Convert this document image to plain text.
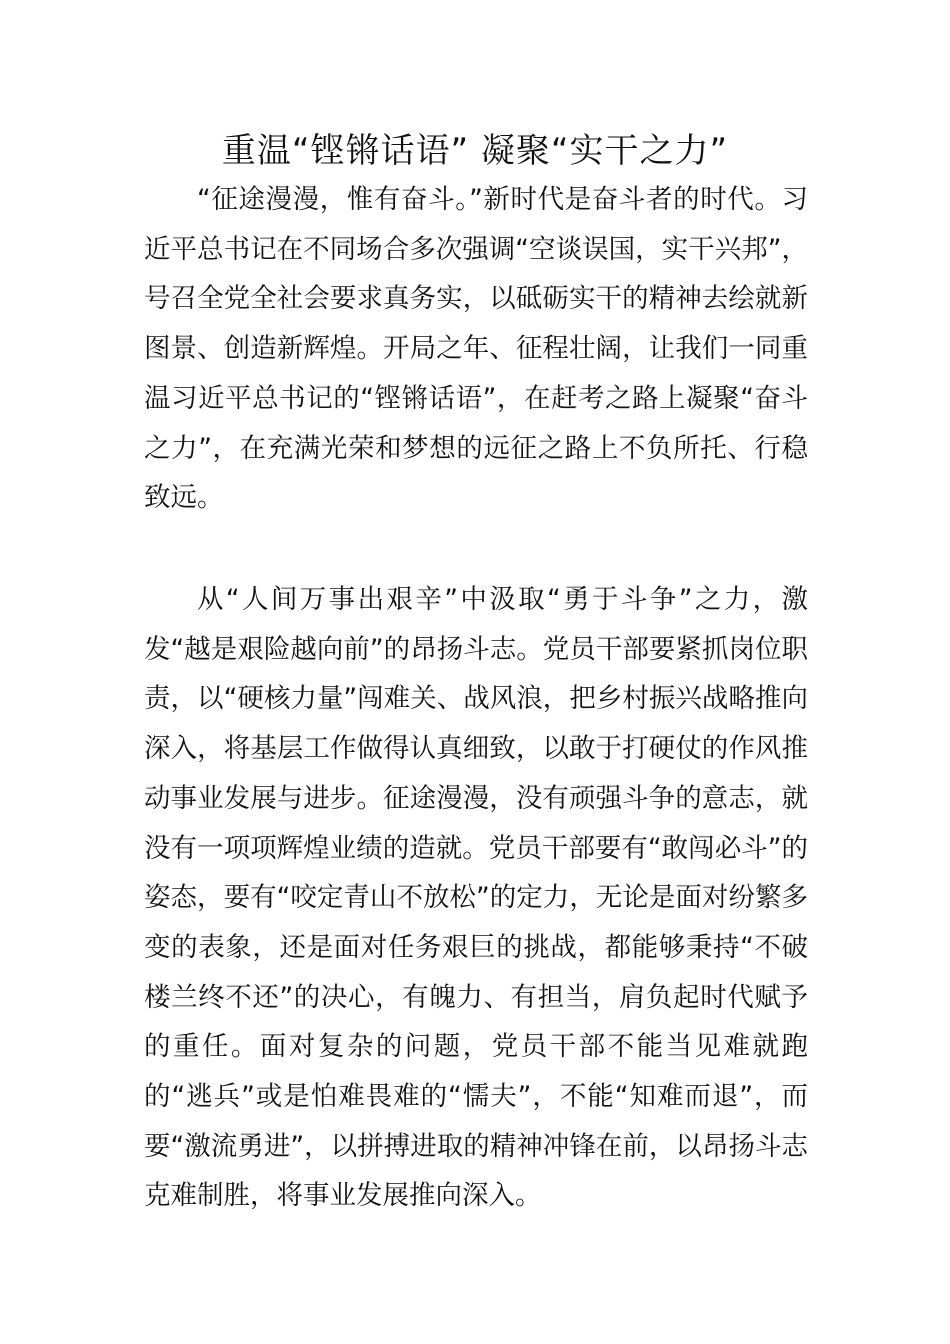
重温“铿锵话语” 凝聚“实干之力”

“征途漫漫，惟有奋斗。”新时代是奋斗者的时代。习近平总书记在不同场合多次强调“空谈误国，实干兴邦”，号召全党全社会要求真务实，以砥砺实干的精神去绘就新图景、创造新辉煌。开局之年、征程壮阔，让我们一同重温习近平总书记的“铿锵话语”，在赶考之路上凝聚“奋斗之力”，在充满光荣和梦想的远征之路上不负所托、行稳致远。

从“人间万事出艰辛”中汲取“勇于斗争”之力，激发“越是艰险越向前”的昂扬斗志。党员干部要紧抓岗位职责，以“硬核力量”闯难关、战风浪，把乡村振兴战略推向深入，将基层工作做得认真细致，以敢于打硬仗的作风推动事业发展与进步。征途漫漫，没有顽强斗争的意志，就没有一项项辉煌业绩的造就。党员干部要有“敢闯必斗”的姿态，要有“咬定青山不放松”的定力，无论是面对纷繁多变的表象，还是面对任务艰巨的挑战，都能够秉持“不破楼兰终不还”的决心，有魄力、有担当，肩负起时代赋予的重任。面对复杂的问题，党员干部不能当见难就跑的“逃兵”或是怕难畏难的“懦夫”，不能“知难而退”，而要“激流勇进”，以拼搏进取的精神冲锋在前，以昂扬斗志克难制胜，将事业发展推向深入。
